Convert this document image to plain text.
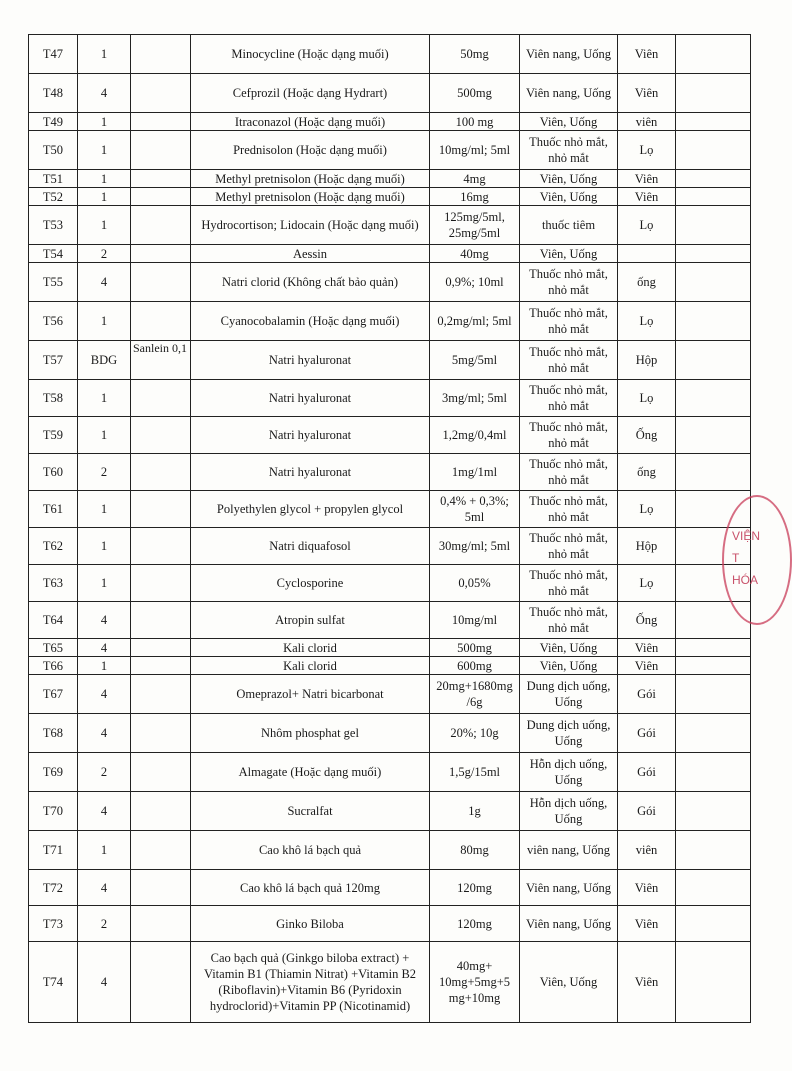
T47	1		Minocycline (Hoặc dạng muối)	50mg	Viên nang, Uống	Viên	
T48	4		Cefprozil (Hoặc dạng Hydrart)	500mg	Viên nang, Uống	Viên	
T49	1		Itraconazol (Hoặc dạng muối)	100 mg	Viên, Uống	viên	
T50	1		Prednisolon (Hoặc dạng muối)	10mg/ml; 5ml	Thuốc nhỏ mắt, nhỏ mắt	Lọ	
T51	1		Methyl pretnisolon (Hoặc dạng muối)	4mg	Viên, Uống	Viên	
T52	1		Methyl pretnisolon (Hoặc dạng muối)	16mg	Viên, Uống	Viên	
T53	1		Hydrocortison; Lidocain (Hoặc dạng muối)	125mg/5ml, 25mg/5ml	thuốc tiêm	Lọ	
T54	2		Aessin	40mg	Viên, Uống		
T55	4		Natri clorid (Không chất bảo quản)	0,9%; 10ml	Thuốc nhỏ mắt, nhỏ mắt	ống	
T56	1		Cyanocobalamin (Hoặc dạng muối)	0,2mg/ml; 5ml	Thuốc nhỏ mắt, nhỏ mắt	Lọ	
T57	BDG	Sanlein 0,1	Natri hyaluronat	5mg/5ml	Thuốc nhỏ mắt, nhỏ mắt	Hộp	
T58	1		Natri hyaluronat	3mg/ml; 5ml	Thuốc nhỏ mắt, nhỏ mắt	Lọ	
T59	1		Natri hyaluronat	1,2mg/0,4ml	Thuốc nhỏ mắt, nhỏ mắt	Ống	
T60	2		Natri hyaluronat	1mg/1ml	Thuốc nhỏ mắt, nhỏ mắt	ống	
T61	1		Polyethylen glycol + propylen glycol	0,4% + 0,3%; 5ml	Thuốc nhỏ mắt, nhỏ mắt	Lọ	
T62	1		Natri diquafosol	30mg/ml; 5ml	Thuốc nhỏ mắt, nhỏ mắt	Hộp	
T63	1		Cyclosporine	0,05%	Thuốc nhỏ mắt, nhỏ mắt	Lọ	
T64	4		Atropin sulfat	10mg/ml	Thuốc nhỏ mắt, nhỏ mắt	Ống	
T65	4		Kali clorid	500mg	Viên, Uống	Viên	
T66	1		Kali clorid	600mg	Viên, Uống	Viên	
T67	4		Omeprazol+ Natri bicarbonat	20mg+1680mg /6g	Dung dịch uống, Uống	Gói	
T68	4		Nhôm phosphat gel	20%; 10g	Dung dịch uống, Uống	Gói	
T69	2		Almagate (Hoặc dạng muối)	1,5g/15ml	Hỗn dịch uống, Uống	Gói	
T70	4		Sucralfat	1g	Hỗn dịch uống, Uống	Gói	
T71	1		Cao khô lá bạch quả	80mg	viên nang, Uống	viên	
T72	4		Cao khô lá bạch quả 120mg	120mg	Viên nang, Uống	Viên	
T73	2		Ginko Biloba	120mg	Viên nang, Uống	Viên	
T74	4		Cao bạch quả (Ginkgo biloba extract) + Vitamin B1 (Thiamin Nitrat) +Vitamin B2 (Riboflavin)+Vitamin B6 (Pyridoxin hydroclorid)+Vitamin PP (Nicotinamid)	40mg+ 10mg+5mg+5 mg+10mg	Viên, Uống	Viên	
VIỆN
T
HÓA
